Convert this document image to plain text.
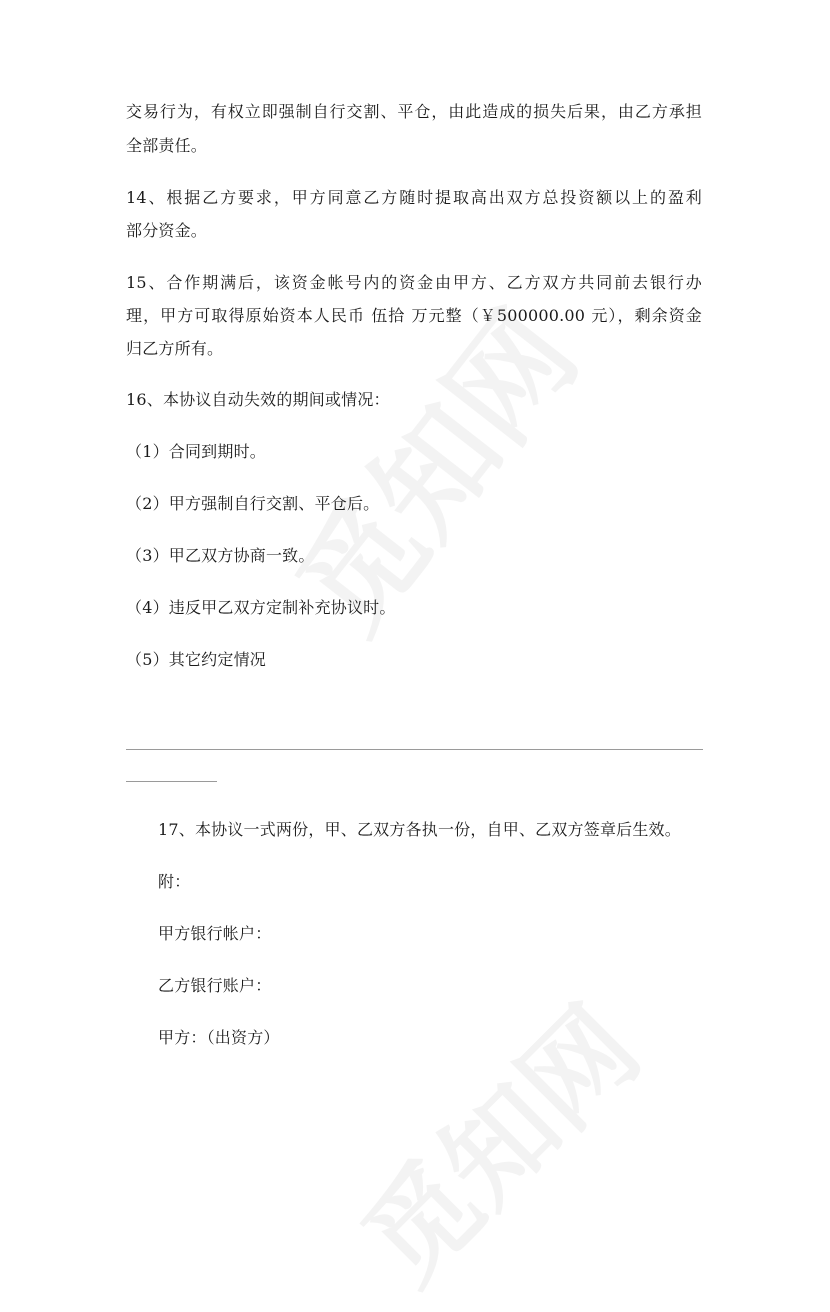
交易行为，有权立即强制自行交割、平仓，由此造成的损失后果，由乙方承担
全部责任。
14、根据乙方要求，甲方同意乙方随时提取高出双方总投资额以上的盈利
部分资金。
15、合作期满后，该资金帐号内的资金由甲方、乙方双方共同前去银行办
理，甲方可取得原始资本人民币 伍拾 万元整（￥500000.00 元），剩余资金
归乙方所有。
16、本协议自动失效的期间或情况：
（1）合同到期时。
（2）甲方强制自行交割、平仓后。
（3）甲乙双方协商一致。
（4）违反甲乙双方定制补充协议时。
（5）其它约定情况
17、本协议一式两份，甲、乙双方各执一份，自甲、乙双方签章后生效。
附：
甲方银行帐户：
乙方银行账户：
甲方：（出资方）
